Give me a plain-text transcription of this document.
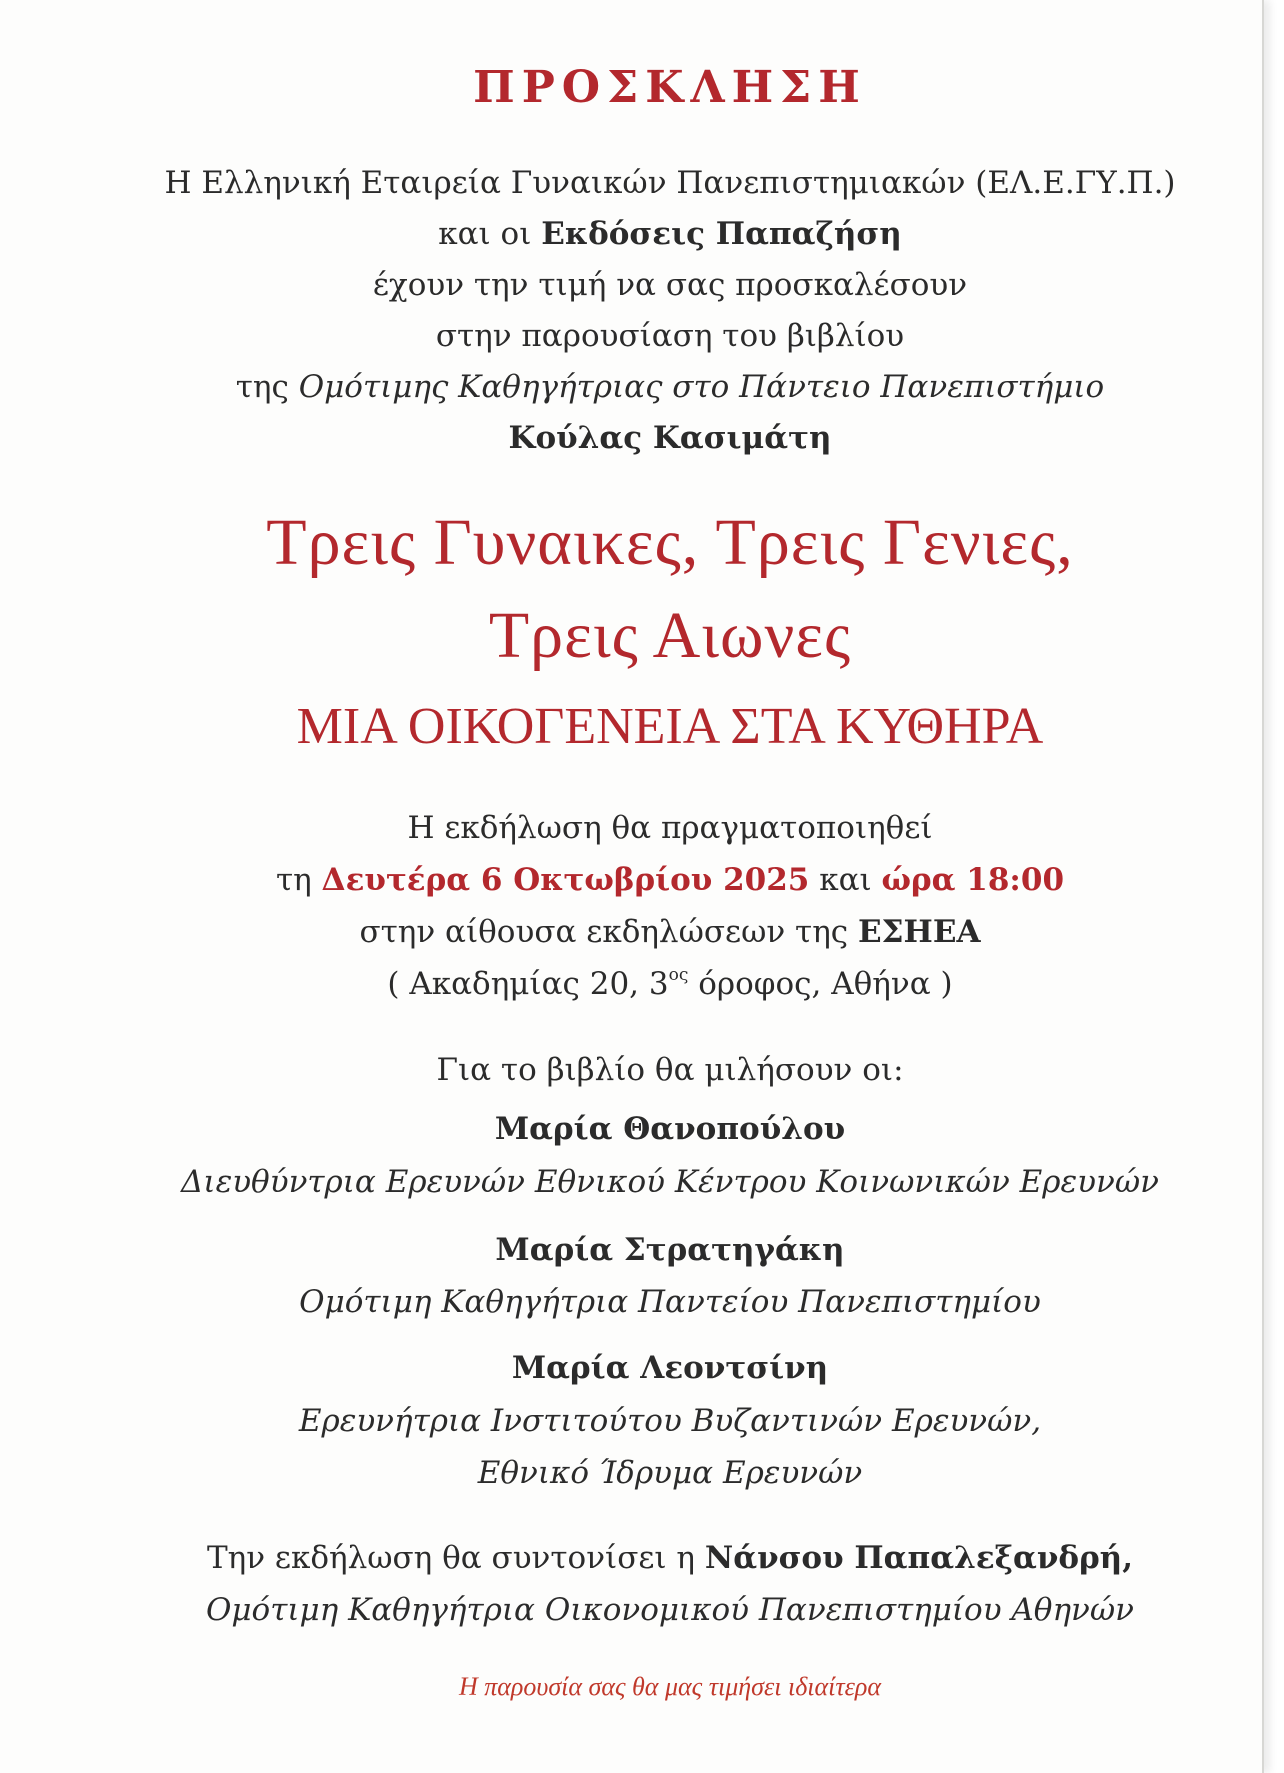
ΠΡΟΣΚΛΗΣΗ
Η Ελληνική Εταιρεία Γυναικών Πανεπιστημιακών (ΕΛ.Ε.ΓΥ.Π.)
και οι Εκδόσεις Παπαζήση
έχουν την τιμή να σας προσκαλέσουν
στην παρουσίαση του βιβλίου
της Ομότιμης Καθηγήτριας στο Πάντειο Πανεπιστήμιο
Κούλας Κασιμάτη
Τρεις Γυναικες, Τρεις Γενιες,
Τρεις Αιωνες
ΜΙΑ ΟΙΚΟΓΕΝΕΙΑ ΣΤΑ ΚΥΘΗΡΑ
Η εκδήλωση θα πραγματοποιηθεί
τη Δευτέρα 6 Οκτωβρίου 2025 και ώρα 18:00
στην αίθουσα εκδηλώσεων της ΕΣΗΕΑ
( Ακαδημίας 20, $3^{o\varsigma}$ όροφος, Αθήνα )
Για το βιβλίο θα μιλήσουν οι:
Μαρία Θανοπούλου
Διευθύντρια Ερευνών Εθνικού Κέντρου Κοινωνικών Ερευνών
Μαρία Στρατηγάκη
Ομότιμη Καθηγήτρια Παντείου Πανεπιστημίου
Μαρία Λεοντσίνη
Ερευνήτρια Ινστιτούτου Βυζαντινών Ερευνών,
Εθνικό Ίδρυμα Ερευνών
Την εκδήλωση θα συντονίσει η Νάνσου Παπαλεξανδρή,
Ομότιμη Καθηγήτρια Οικονομικού Πανεπιστημίου Αθηνών
Η παρουσία σας θα μας τιμήσει ιδιαίτερα
